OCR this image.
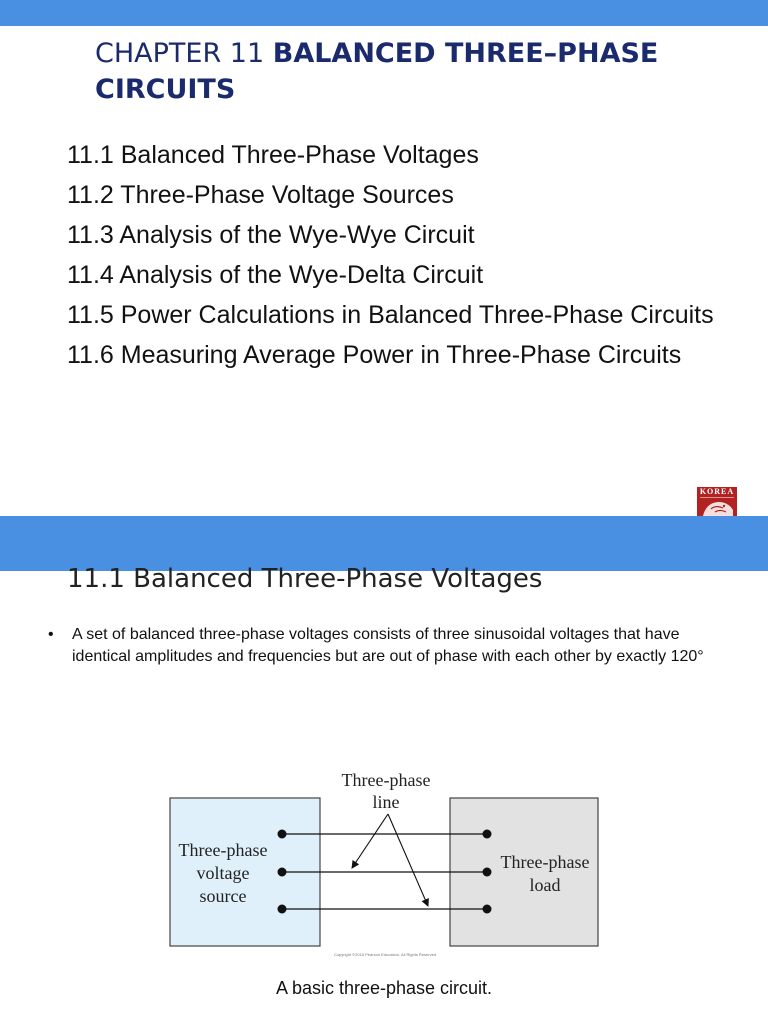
CHAPTER 11 BALANCED THREE–PHASE CIRCUITS
11.1 Balanced Three-Phase Voltages
11.2 Three-Phase Voltage Sources
11.3 Analysis of the Wye-Wye Circuit
11.4 Analysis of the Wye-Delta Circuit
11.5 Power Calculations in Balanced Three-Phase Circuits
11.6 Measuring Average Power in Three-Phase Circuits
KOREA
11.1 Balanced Three-Phase Voltages
• A set of balanced three-phase voltages consists of three sinusoidal voltages that have identical amplitudes and frequencies but are out of phase with each other by exactly 120°
Three-phase
line
Three-phase
voltage
source
Three-phase
load
Copyright ©2015 Pearson Education, All Rights Reserved
A basic three-phase circuit.
